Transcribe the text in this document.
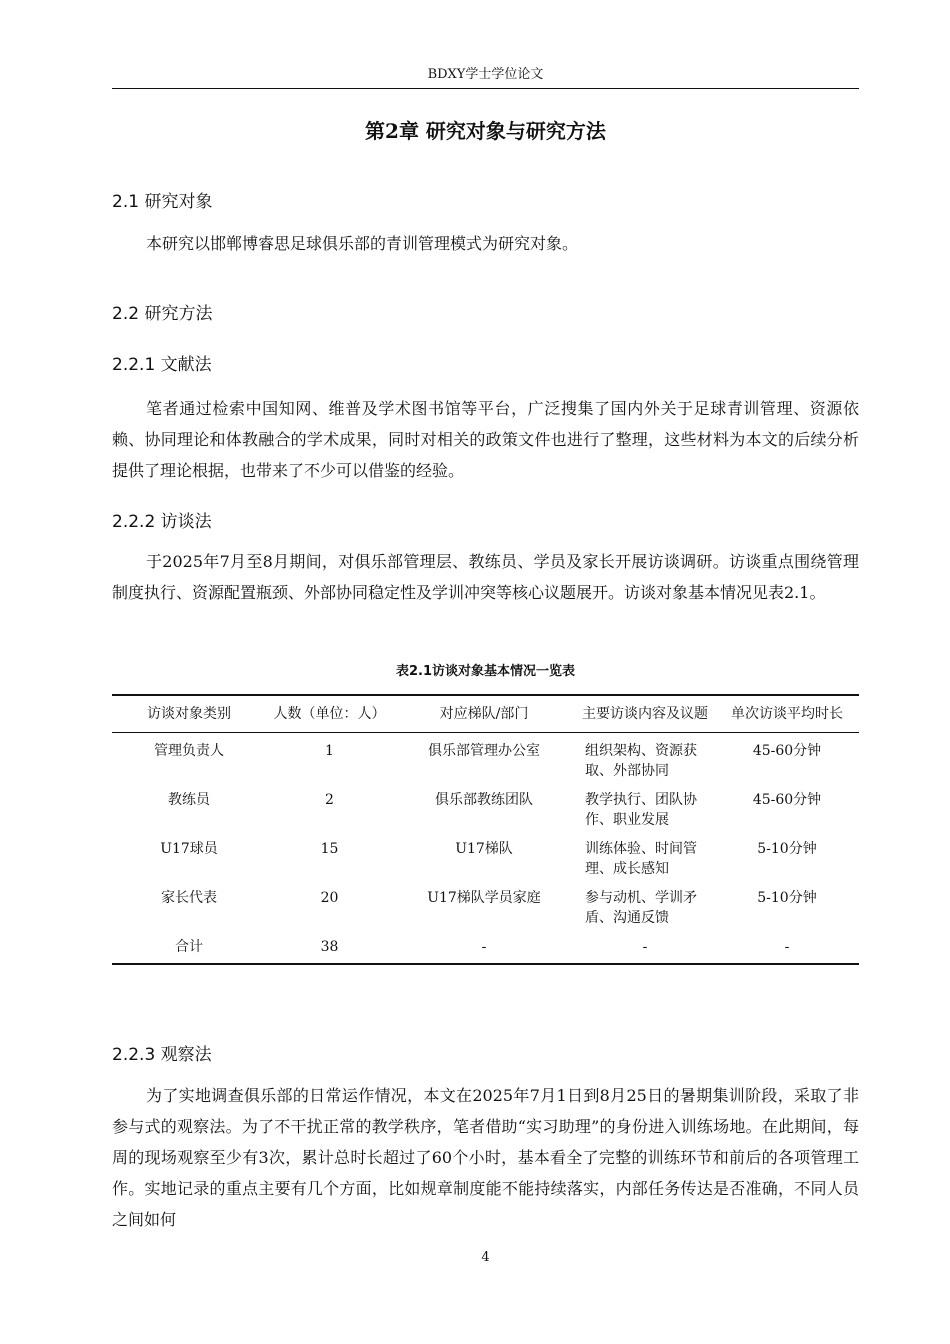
BDXY学士学位论文
第2章 研究对象与研究方法
2.1 研究对象

本研究以邯郸博睿思足球俱乐部的青训管理模式为研究对象。

2.2 研究方法
2.2.1 文献法

笔者通过检索中国知网、维普及学术图书馆等平台，广泛搜集了国内外关于足球青训管理、资源依赖、协同理论和体教融合的学术成果，同时对相关的政策文件也进行了整理，这些材料为本文的后续分析提供了理论根据，也带来了不少可以借鉴的经验。

2.2.2 访谈法

于2025年7月至8月期间，对俱乐部管理层、教练员、学员及家长开展访谈调研。访谈重点围绕管理制度执行、资源配置瓶颈、外部协同稳定性及学训冲突等核心议题展开。访谈对象基本情况见表2.1。

表2.1访谈对象基本情况一览表
访谈对象类别	人数（单位：人）	对应梯队/部门	主要访谈内容及议题	单次访谈平均时长
管理负责人	1	俱乐部管理办公室	组织架构、资源获取、外部协同	45-60分钟
教练员	2	俱乐部教练团队	教学执行、团队协作、职业发展	45-60分钟
U17球员	15	U17梯队	训练体验、时间管理、成长感知	5-10分钟
家长代表	20	U17梯队学员家庭	参与动机、学训矛盾、沟通反馈	5-10分钟
合计	38	-	-	-
2.2.3 观察法

为了实地调查俱乐部的日常运作情况，本文在2025年7月1日到8月25日的暑期集训阶段，采取了非参与式的观察法。为了不干扰正常的教学秩序，笔者借助“实习助理”的身份进入训练场地。在此期间，每周的现场观察至少有3次，累计总时长超过了60个小时，基本看全了完整的训练环节和前后的各项管理工作。实地记录的重点主要有几个方面，比如规章制度能不能持续落实，内部任务传达是否准确，不同人员之间如何

4
